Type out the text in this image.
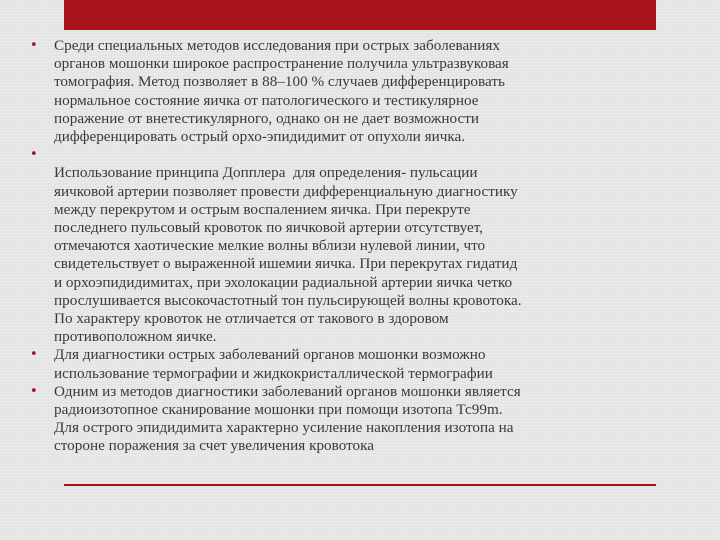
•	Среди специальных методов исследования при острых заболеваниях
органов мошонки широкое распространение получила ультразвуковая
томография. Метод позволяет в 88–100 % случаев дифференцировать
нормальное состояние яичка от патологического и тестикулярное
поражение от внетестикулярного, однако он не дает возможности
дифференцировать острый орхо-эпидидимит от опухоли яичка.
•

Использование принципа Допплера  для определения- пульсации
яичковой артерии позволяет провести дифференциальную диагностику
между перекрутом и острым воспалением яичка. При перекруте
последнего пульсовый кровоток по яичковой артерии отсутствует,
отмечаются хаотические мелкие волны вблизи нулевой линии, что
свидетельствует о выраженной ишемии яичка. При перекрутах гидатид
и орхоэпидидимитах, при эхолокации радиальной артерии яичка четко
прослушивается высокочастотный тон пульсирующей волны кровотока.
По характеру кровоток не отличается от такового в здоровом
противоположном яичке.
•	Для диагностики острых заболеваний органов мошонки возможно
использование термографии и жидкокристаллической термографии
•	Одним из методов диагностики заболеваний органов мошонки является
радиоизотопное сканирование мошонки при помощи изотопа Тс99m.
Для острого эпидидимита характерно усиление накопления изотопа на
стороне поражения за счет увеличения кровотока
